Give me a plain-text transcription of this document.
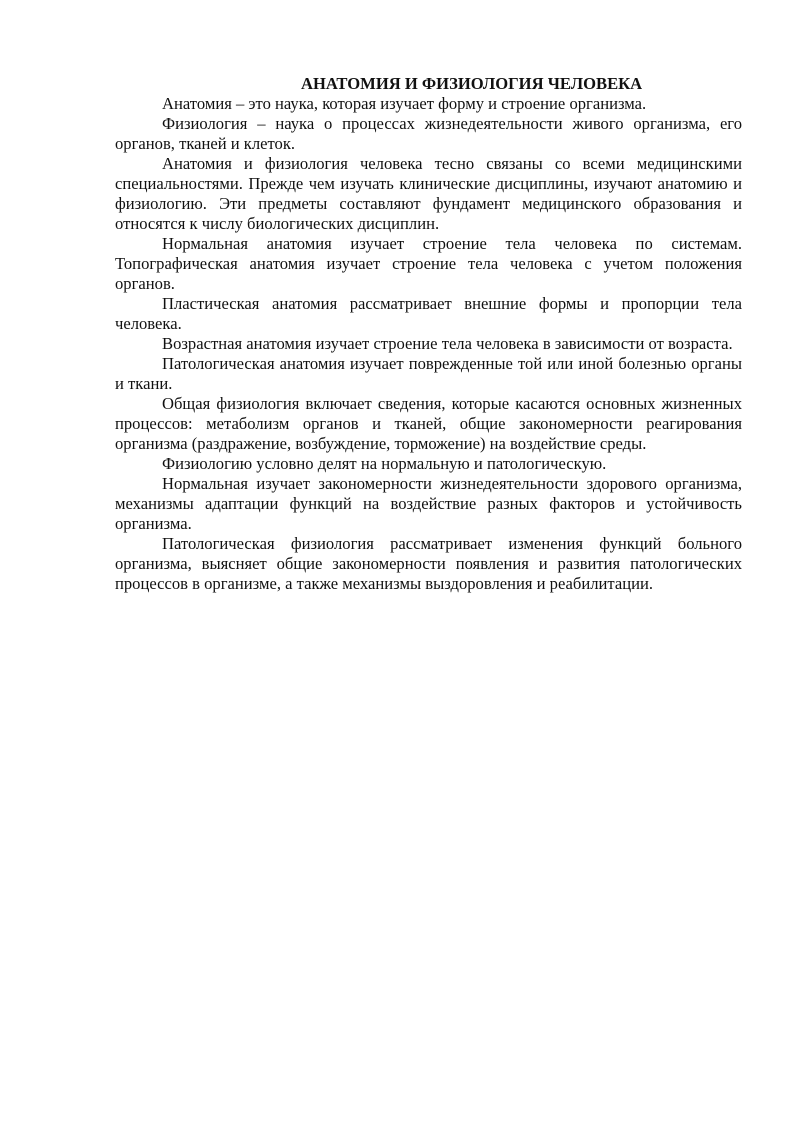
АНАТОМИЯ И ФИЗИОЛОГИЯ ЧЕЛОВЕКА

Анатомия – это наука, которая изучает форму и строение организма.

Физиология – наука о процессах жизнедеятельности живого организма, его органов, тканей и клеток.

Анатомия и физиология человека тесно связаны со всеми медицинскими специальностями. Прежде чем изучать клинические дисциплины, изучают анатомию и физиологию. Эти предметы составляют фундамент медицинского образования и относятся к числу биологических дисциплин.

Нормальная анатомия изучает строение тела человека по системам. Топографическая анатомия изучает строение тела человека с учетом положения органов.

Пластическая анатомия рассматривает внешние формы и пропорции тела человека.

Возрастная анатомия изучает строение тела человека в зависимости от возраста.

Патологическая анатомия изучает поврежденные той или иной болезнью органы и ткани.

Общая физиология включает сведения, которые касаются основных жизненных процессов: метаболизм органов и тканей, общие закономерности реагирования организма (раздражение, возбуждение, торможение) на воздействие среды.

Физиологию условно делят на нормальную и патологическую.

Нормальная изучает закономерности жизнедеятельности здорового организма, механизмы адаптации функций на воздействие разных факторов и устойчивость организма.

Патологическая физиология рассматривает изменения функций больного организма, выясняет общие закономерности появления и развития патологических процессов в организме, а также механизмы выздоровления и реабилитации.
